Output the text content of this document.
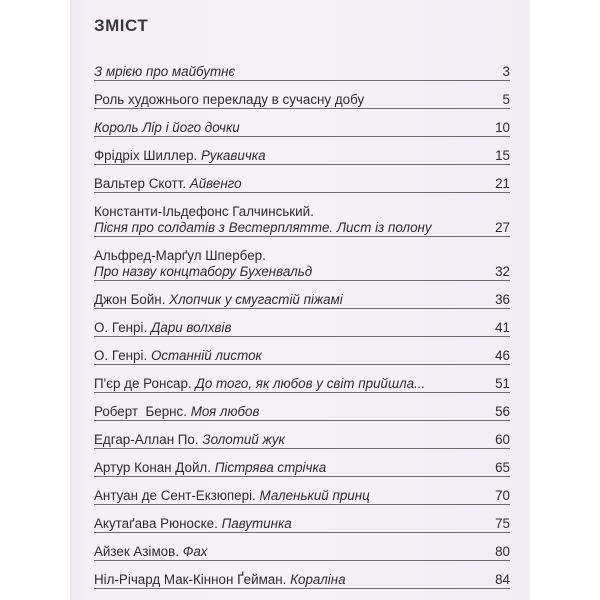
ЗМІСТ
З мрією про майбутнє	3
Роль художнього перекладу в сучасну добу	5
Король Лір і його дочки	10
Фрідріх Шиллер. Рукавичка	15
Вальтер Скотт. Айвенго	21
Константи-Ільдефонс Галчинський.
Пісня про солдатів з Вестерплятте. Лист із полону	27
Альфред-Марґул Шпербер.
Про назву концтабору Бухенвальд	32
Джон Бойн. Хлопчик у смугастій піжамі	36
О. Генрі. Дари волхвів	41
О. Генрі. Останній листок	46
П'єр де Ронсар. До того, як любов у світ прийшла...	51
Роберт  Бернс. Моя любов	56
Едгар-Аллан По. Золотий жук	60
Артур Конан Дойл. Пістрява стрічка	65
Антуан де Сент-Екзюпері. Маленький принц	70
Акутаґава Рюноске. Павутинка	75
Айзек Азімов. Фах	80
Ніл-Річард Мак-Кіннон Ґейман. Кораліна	84
